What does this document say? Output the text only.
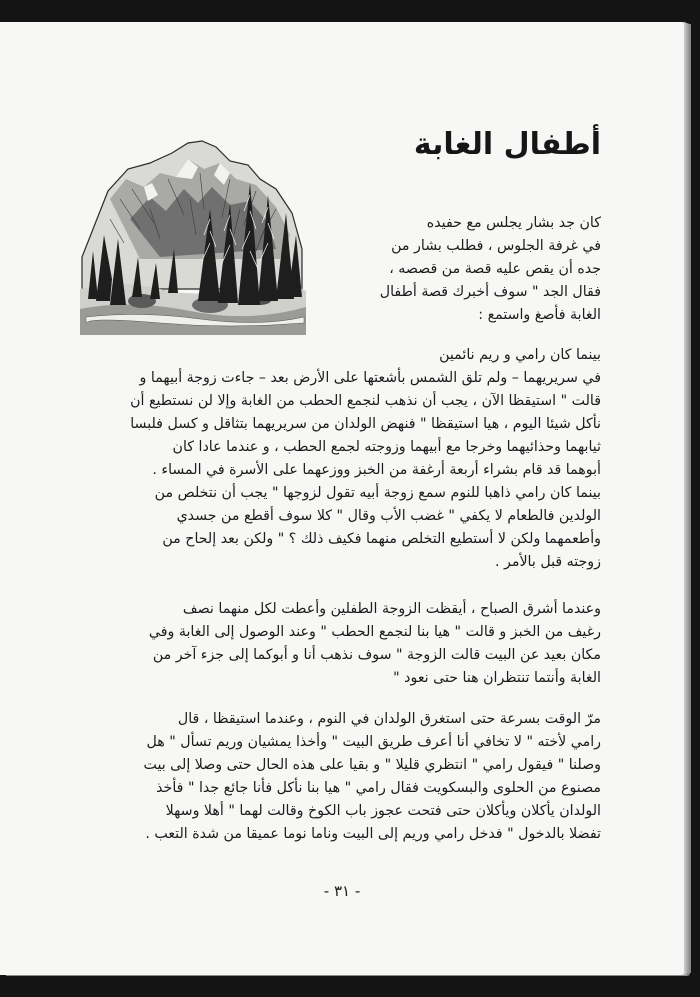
أطفال الغابة

كان جد بشار يجلس مع حفيده
في غرفة الجلوس ، فطلب بشار من
جده أن يقص عليه قصة من قصصه ،
فقال الجد " سوف أخبرك قصة أطفال
الغابة فأصغ واستمع :

بينما كان رامي و ريم نائمين
في سريريهما – ولم تلق الشمس بأشعتها على الأرض بعد – جاءت زوجة أبيهما و
قالت " استيقظا الآن ، يجب أن نذهب لنجمع الحطب من الغابة وإلا لن نستطيع أن
نأكل شيئا اليوم ، هيا استيقظا " فنهض الولدان من سريريهما بتثاقل و كسل فلبسا
ثيابهما وحذائيهما وخرجا مع أبيهما وزوجته لجمع الحطب ، و عندما عادا كان
أبوهما قد قام بشراء أربعة أرغفة من الخبز ووزعهما على الأسرة في المساء .
بينما كان رامي ذاهبا للنوم سمع زوجة أبيه تقول لزوجها " يجب أن نتخلص من
الولدين فالطعام لا يكفي " غضب الأب وقال " كلا سوف أقطع من جسدي
وأطعمهما ولكن لا أستطيع التخلص منهما فكيف ذلك ؟ " ولكن بعد إلحاح من
زوجته قبل بالأمر .

وعندما أشرق الصباح ، أيقظت الزوجة الطفلين وأعطت لكل منهما نصف
رغيف من الخبز و قالت " هيا بنا لنجمع الحطب " وعند الوصول إلى الغابة وفي
مكان بعيد عن البيت قالت الزوجة " سوف نذهب أنا و أبوكما إلى جزء آخر من
الغابة وأنتما تنتظران هنا حتى نعود "

مرّ الوقت بسرعة حتى استغرق الولدان في النوم ، وعندما استيقظا ، قال
رامي لأخته " لا تخافي أنا أعرف طريق البيت " وأخذا يمشيان وريم تسأل " هل
وصلنا " فيقول رامي " انتظري قليلا " و بقيا على هذه الحال حتى وصلا إلى بيت
مصنوع من الحلوى والبسكويت فقال رامي " هيا بنا نأكل فأنا جائع جدا " فأخذ
الولدان يأكلان ويأكلان حتى فتحت عجوز باب الكوخ وقالت لهما " أهلا وسهلا
تفضلا بالدخول " فدخل رامي وريم إلى البيت وناما نوما عميقا من شدة التعب .

- ٣١ -
